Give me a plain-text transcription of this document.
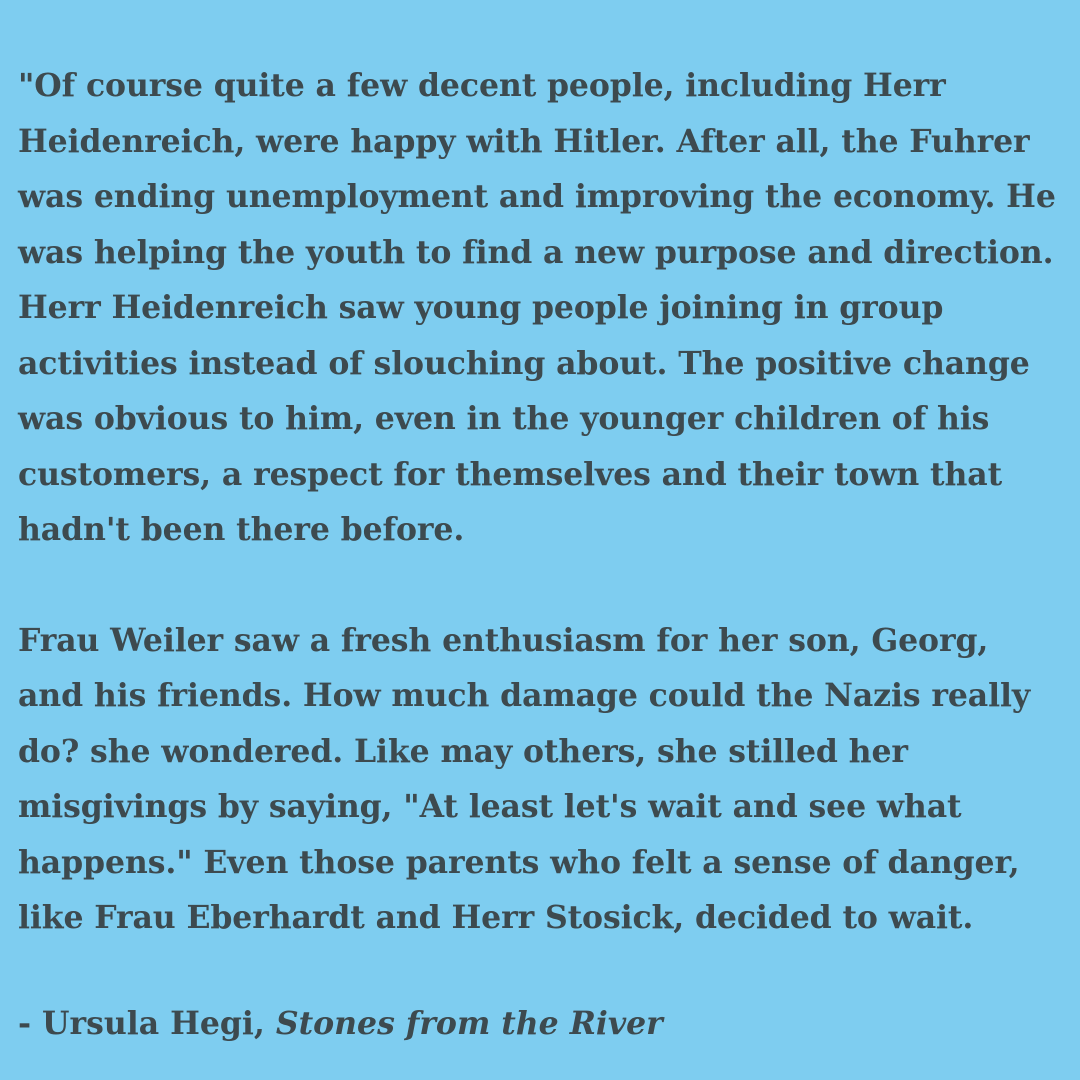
"Of course quite a few decent people, including Herr Heidenreich, were happy with Hitler. After all, the Fuhrer was ending unemployment and improving the economy. He was helping the youth to find a new purpose and direction. Herr Heidenreich saw young people joining in group activities instead of slouching about. The positive change was obvious to him, even in the younger children of his customers, a respect for themselves and their town that hadn't been there before.

Frau Weiler saw a fresh enthusiasm for her son, Georg, and his friends. How much damage could the Nazis really do? she wondered. Like may others, she stilled her misgivings by saying, "At least let's wait and see what happens." Even those parents who felt a sense of danger, like Frau Eberhardt and Herr Stosick, decided to wait.

- Ursula Hegi, Stones from the River
